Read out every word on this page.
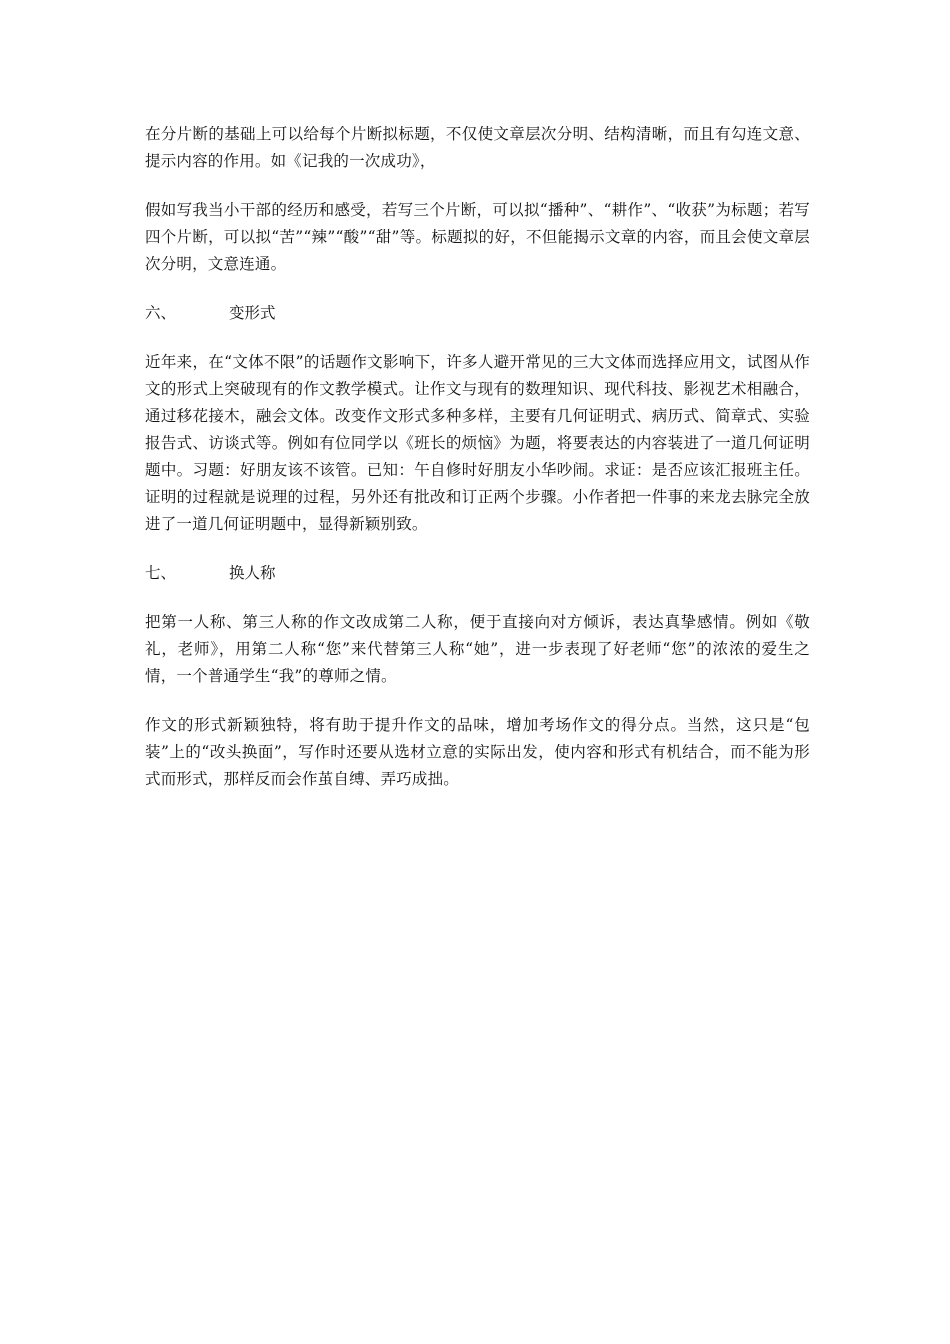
在分片断的基础上可以给每个片断拟标题，不仅使文章层次分明、结构清晰，而且有勾连文意、提示内容的作用。如《记我的一次成功》，

假如写我当小干部的经历和感受，若写三个片断，可以拟“播种”、“耕作”、“收获”为标题；若写四个片断，可以拟“苦”“辣”“酸”“甜”等。标题拟的好，不但能揭示文章的内容，而且会使文章层次分明，文意连通。

六、	变形式

近年来，在“文体不限”的话题作文影响下，许多人避开常见的三大文体而选择应用文，试图从作文的形式上突破现有的作文教学模式。让作文与现有的数理知识、现代科技、影视艺术相融合，通过移花接木，融会文体。改变作文形式多种多样，主要有几何证明式、病历式、简章式、实验报告式、访谈式等。例如有位同学以《班长的烦恼》为题，将要表达的内容装进了一道几何证明题中。习题：好朋友该不该管。已知：午自修时好朋友小华吵闹。求证：是否应该汇报班主任。证明的过程就是说理的过程，另外还有批改和订正两个步骤。小作者把一件事的来龙去脉完全放进了一道几何证明题中，显得新颖别致。

七、	换人称

把第一人称、第三人称的作文改成第二人称，便于直接向对方倾诉，表达真挚感情。例如《敬礼，老师》，用第二人称“您”来代替第三人称“她”，进一步表现了好老师“您”的浓浓的爱生之情，一个普通学生“我”的尊师之情。

作文的形式新颖独特，将有助于提升作文的品味，增加考场作文的得分点。当然，这只是“包装”上的“改头换面”，写作时还要从选材立意的实际出发，使内容和形式有机结合，而不能为形式而形式，那样反而会作茧自缚、弄巧成拙。
